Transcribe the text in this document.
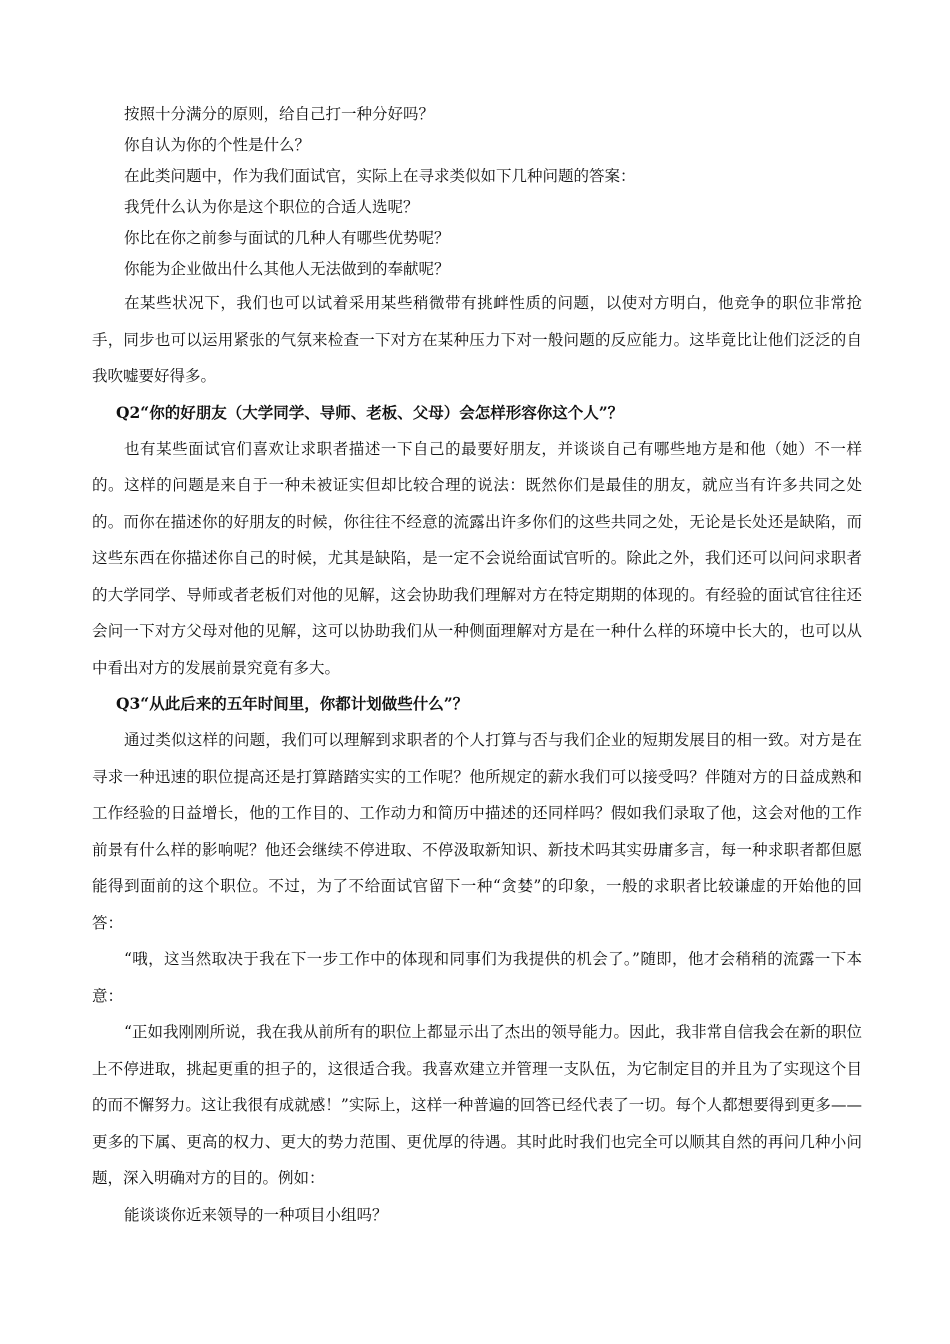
按照十分满分的原则，给自己打一种分好吗？
你自认为你的个性是什么？
在此类问题中，作为我们面试官，实际上在寻求类似如下几种问题的答案：
我凭什么认为你是这个职位的合适人选呢？
你比在你之前参与面试的几种人有哪些优势呢？
你能为企业做出什么其他人无法做到的奉献呢？

在某些状况下，我们也可以试着采用某些稍微带有挑衅性质的问题，以使对方明白，他竞争的职位非常抢手，同步也可以运用紧张的气氛来检查一下对方在某种压力下对一般问题的反应能力。这毕竟比让他们泛泛的自我吹嘘要好得多。

Q2“你的好朋友（大学同学、导师、老板、父母）会怎样形容你这个人”？

也有某些面试官们喜欢让求职者描述一下自己的最要好朋友，并谈谈自己有哪些地方是和他（她）不一样的。这样的问题是来自于一种未被证实但却比较合理的说法：既然你们是最佳的朋友，就应当有许多共同之处的。而你在描述你的好朋友的时候，你往往不经意的流露出许多你们的这些共同之处，无论是长处还是缺陷，而这些东西在你描述你自己的时候，尤其是缺陷，是一定不会说给面试官听的。除此之外，我们还可以问问求职者的大学同学、导师或者老板们对他的见解，这会协助我们理解对方在特定期期的体现的。有经验的面试官往往还会问一下对方父母对他的见解，这可以协助我们从一种侧面理解对方是在一种什么样的环境中长大的，也可以从中看出对方的发展前景究竟有多大。

Q3“从此后来的五年时间里，你都计划做些什么”？

通过类似这样的问题，我们可以理解到求职者的个人打算与否与我们企业的短期发展目的相一致。对方是在寻求一种迅速的职位提高还是打算踏踏实实的工作呢？他所规定的薪水我们可以接受吗？伴随对方的日益成熟和工作经验的日益增长，他的工作目的、工作动力和简历中描述的还同样吗？假如我们录取了他，这会对他的工作前景有什么样的影响呢？他还会继续不停进取、不停汲取新知识、新技术吗其实毋庸多言，每一种求职者都但愿能得到面前的这个职位。不过，为了不给面试官留下一种“贪婪”的印象，一般的求职者比较谦虚的开始他的回答：

“哦，这当然取决于我在下一步工作中的体现和同事们为我提供的机会了。”随即，他才会稍稍的流露一下本意：

“正如我刚刚所说，我在我从前所有的职位上都显示出了杰出的领导能力。因此，我非常自信我会在新的职位上不停进取，挑起更重的担子的，这很适合我。我喜欢建立并管理一支队伍，为它制定目的并且为了实现这个目的而不懈努力。这让我很有成就感！”实际上，这样一种普遍的回答已经代表了一切。每个人都想要得到更多——更多的下属、更高的权力、更大的势力范围、更优厚的待遇。其时此时我们也完全可以顺其自然的再问几种小问题，深入明确对方的目的。例如：

能谈谈你近来领导的一种项目小组吗？
